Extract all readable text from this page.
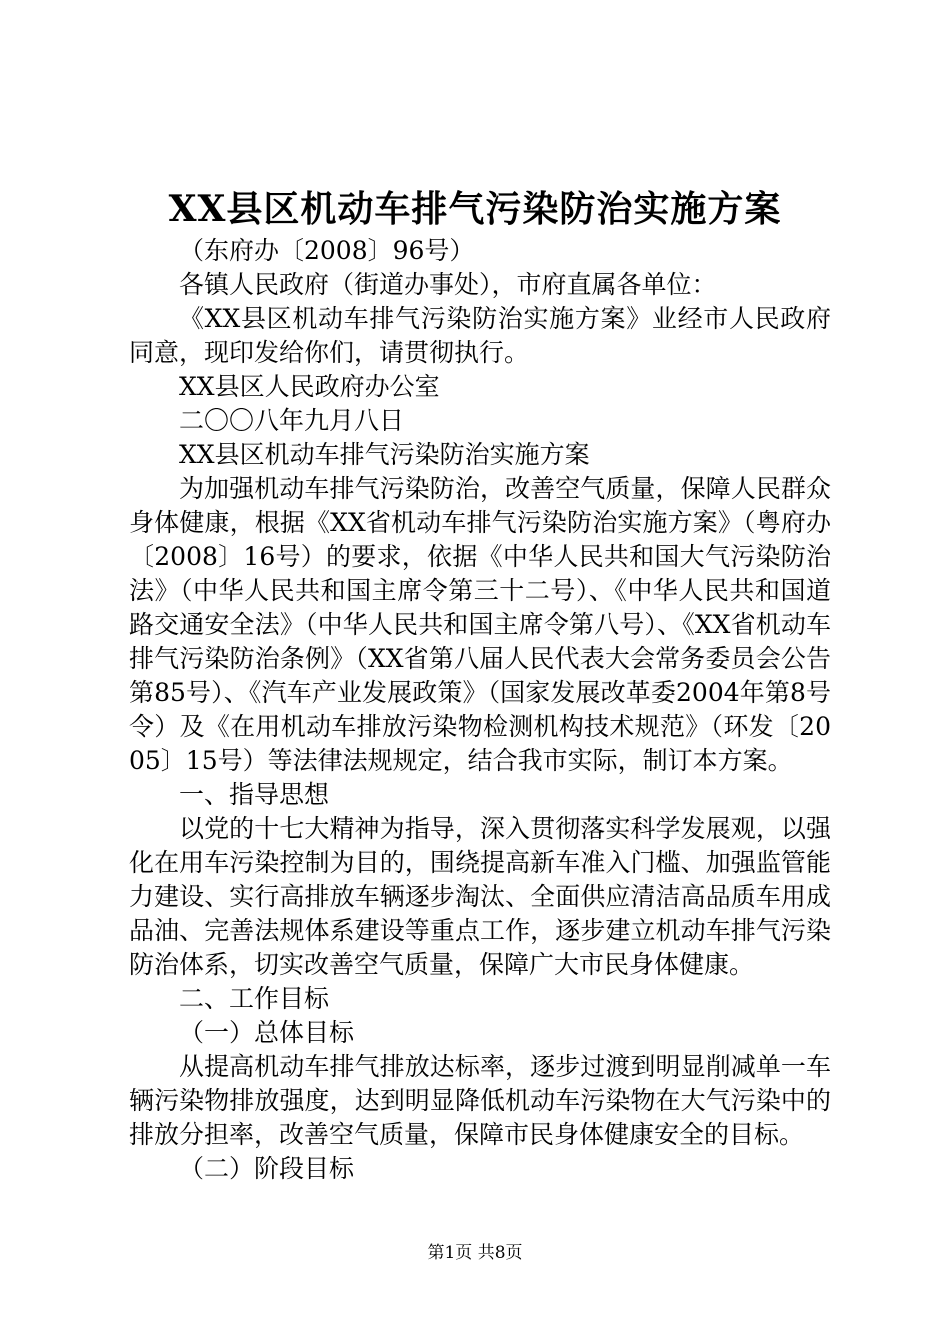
XX县区机动车排气污染防治实施方案

（东府办〔2008〕96号）

各镇人民政府（街道办事处），市府直属各单位：

《XX县区机动车排气污染防治实施方案》业经市人民政府同意，现印发给你们，请贯彻执行。

XX县区人民政府办公室

二〇〇八年九月八日

XX县区机动车排气污染防治实施方案

为加强机动车排气污染防治，改善空气质量，保障人民群众身体健康，根据《XX省机动车排气污染防治实施方案》（粤府办〔2008〕16号）的要求，依据《中华人民共和国大气污染防治法》（中华人民共和国主席令第三十二号）、《中华人民共和国道路交通安全法》（中华人民共和国主席令第八号）、《XX省机动车排气污染防治条例》（XX省第八届人民代表大会常务委员会公告第85号）、《汽车产业发展政策》（国家发展改革委2004年第8号令）及《在用机动车排放污染物检测机构技术规范》（环发〔2005〕15号）等法律法规规定，结合我市实际，制订本方案。

一、指导思想

以党的十七大精神为指导，深入贯彻落实科学发展观，以强化在用车污染控制为目的，围绕提高新车准入门槛、加强监管能力建设、实行高排放车辆逐步淘汰、全面供应清洁高品质车用成品油、完善法规体系建设等重点工作，逐步建立机动车排气污染防治体系，切实改善空气质量，保障广大市民身体健康。

二、工作目标

（一）总体目标

从提高机动车排气排放达标率，逐步过渡到明显削减单一车辆污染物排放强度，达到明显降低机动车污染物在大气污染中的排放分担率，改善空气质量，保障市民身体健康安全的目标。

（二）阶段目标

第1页 共8页
